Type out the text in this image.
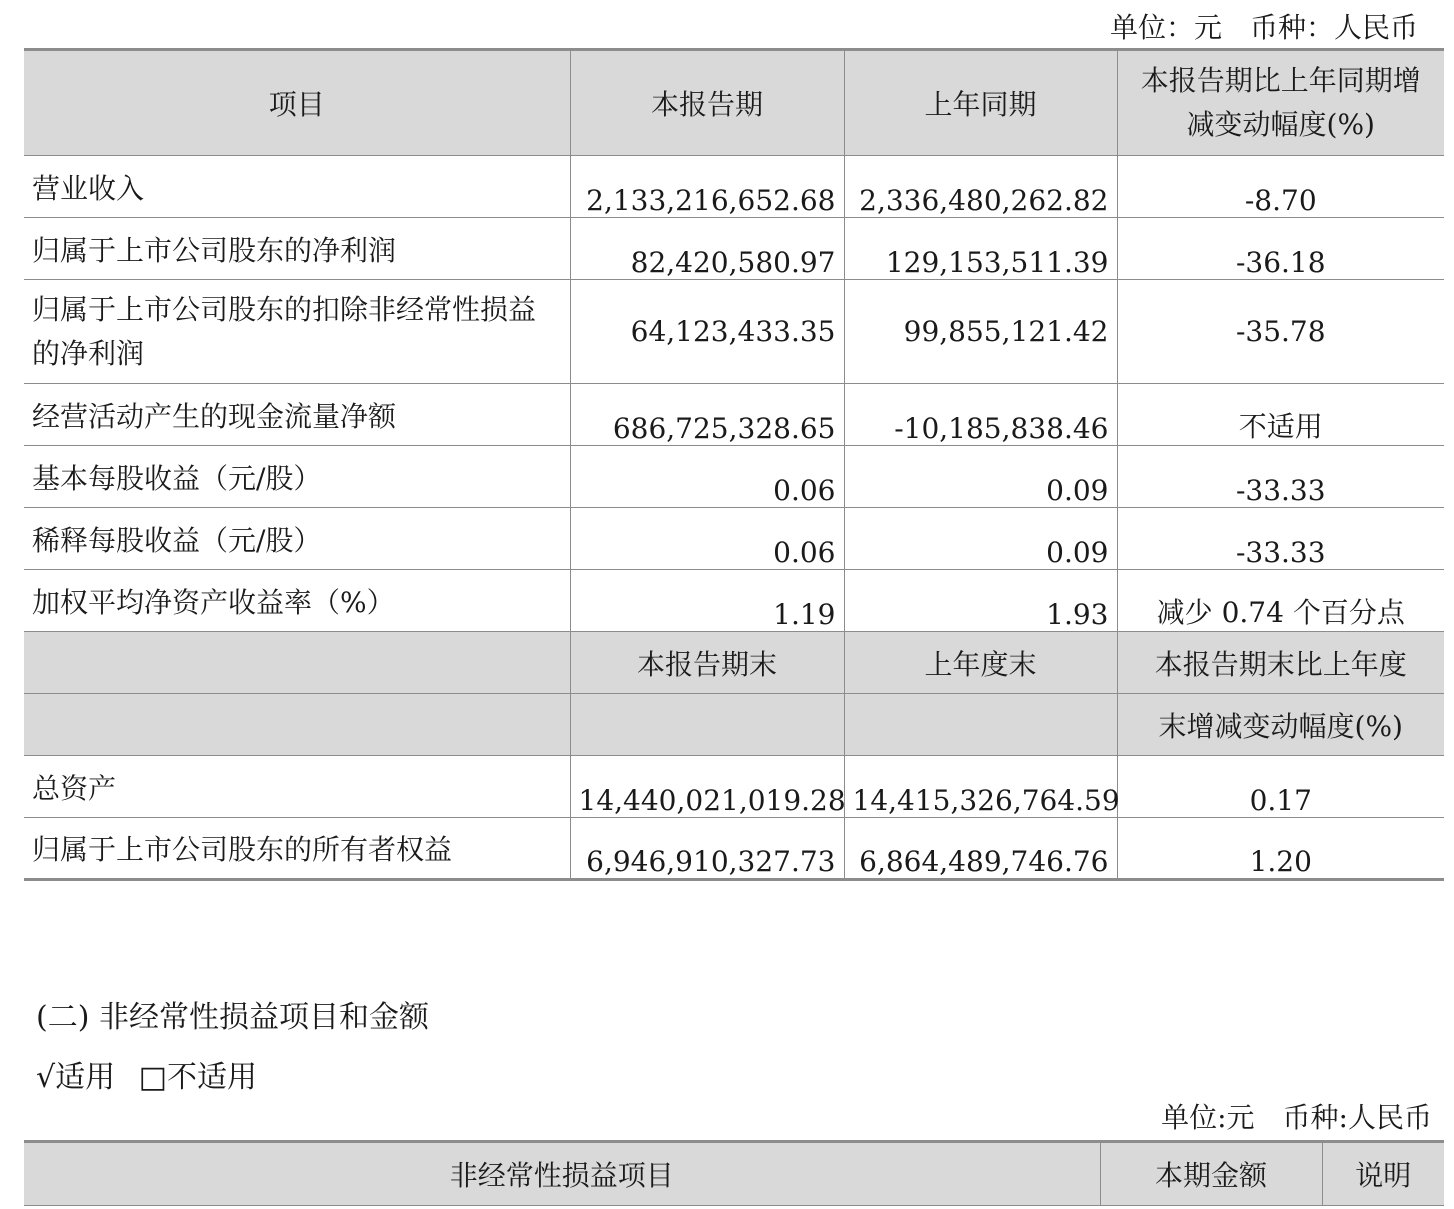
单位：元　币种：人民币
项目	本报告期	上年同期	本报告期比上年同期增减变动幅度(%)
营业收入	2,133,216,652.68	2,336,480,262.82	-8.70
归属于上市公司股东的净利润	82,420,580.97	129,153,511.39	-36.18
归属于上市公司股东的扣除非经常性损益的净利润	64,123,433.35	99,855,121.42	-35.78
经营活动产生的现金流量净额	686,725,328.65	-10,185,838.46	不适用
基本每股收益（元/股）	0.06	0.09	-33.33
稀释每股收益（元/股）	0.06	0.09	-33.33
加权平均净资产收益率（%）	1.19	1.93	减少 0.74 个百分点
	本报告期末	上年度末	本报告期末比上年度
			末增减变动幅度(%)
总资产	14,440,021,019.28	14,415,326,764.59	0.17
归属于上市公司股东的所有者权益	6,946,910,327.73	6,864,489,746.76	1.20
(二) 非经常性损益项目和金额
√适用 □不适用
单位:元　币种:人民币
非经常性损益项目	本期金额	说明
